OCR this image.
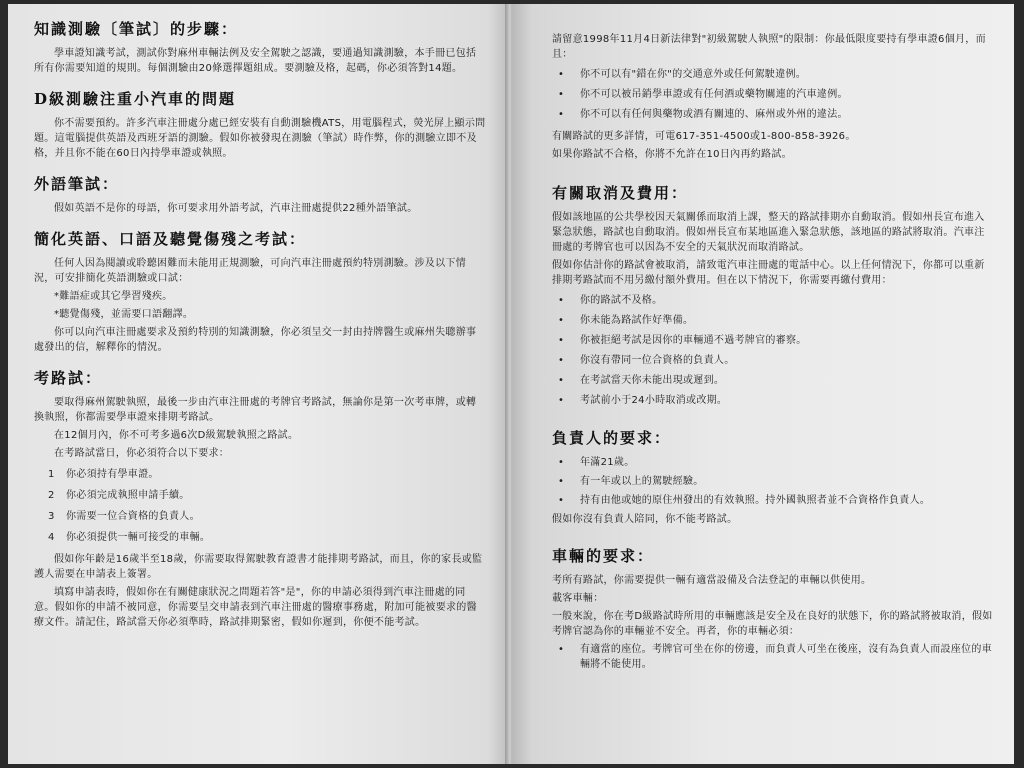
知識測驗〔筆試〕的步驟：

學車證知識考試，測試你對麻州車輛法例及安全駕駛之認識，要通過知識測驗，本手冊已包括所有你需要知道的規則。每個測驗由20條選擇題組成。要測驗及格，起碼，你必須答對14題。

D級測驗注重小汽車的問題

你不需要預約。許多汽車注冊處分處已經安裝有自動測驗機ATS，用電腦程式，熒光屏上顯示問題。這電腦提供英語及西班牙語的測驗。假如你被發現在測驗（筆試）時作弊，你的測驗立即不及格，并且你不能在60日內持學車證或執照。

外語筆試：

假如英語不是你的母語，你可要求用外語考試，汽車注冊處提供22種外語筆試。

簡化英語、口語及聽覺傷殘之考試：

任何人因為閱讀或聆聽困難而未能用正規測驗，可向汽車注冊處預約特別測驗。涉及以下情況，可安排簡化英語測驗或口試：

*難語症或其它學習殘疾。

*聽覺傷殘，並需要口語翻譯。

你可以向汽車注冊處要求及預約特別的知識測驗，你必須呈交一封由持牌醫生或麻州失聰辦事處發出的信，解釋你的情況。

考路試：

要取得麻州駕駛執照，最後一步由汽車注冊處的考牌官考路試，無論你是第一次考車牌，或轉換執照，你都需要學車證來排期考路試。

在12個月內，你不可考多過6次D級駕駛執照之路試。

在考路試當日，你必須符合以下要求：

1 你必須持有學車證。
2 你必須完成執照申請手續。
3 你需要一位合資格的負責人。
4 你必須提供一輛可接受的車輛。

假如你年齡是16歲半至18歲，你需要取得駕駛教育證書才能排期考路試，而且，你的家長或監護人需要在申請表上簽署。

填寫申請表時，假如你在有關健康狀況之問題若答"是"，你的申請必須得到汽車注冊處的同意。假如你的申請不被同意，你需要呈交申請表到汽車注冊處的醫療事務處，附加可能被要求的醫療文件。請記住，路試當天你必須準時，路試排期緊密，假如你遲到，你便不能考試。

請留意1998年11月4日新法律對"初級駕駛人執照"的限制：你最低限度要持有學車證6個月，而且：

• 你不可以有"錯在你"的交通意外或任何駕駛違例。
• 你不可以被吊銷學車證或有任何酒或藥物關連的汽車違例。
• 你不可以有任何與藥物或酒有關連的、麻州或外州的違法。

有關路試的更多詳情，可電617-351-4500或1-800-858-3926。

如果你路試不合格，你將不允許在10日內再約路試。

有關取消及費用：

假如該地區的公共學校因天氣關係而取消上課，整天的路試排期亦自動取消。假如州長宣布進入緊急狀態，路試也自動取消。假如州長宣布某地區進入緊急狀態，該地區的路試將取消。汽車注冊處的考牌官也可以因為不安全的天氣狀況而取消路試。

假如你估計你的路試會被取消，請致電汽車注冊處的電話中心。以上任何情況下，你都可以重新排期考路試而不用另繳付額外費用。但在以下情況下，你需要再繳付費用：

• 你的路試不及格。
• 你未能為路試作好準備。
• 你被拒絕考試是因你的車輛通不過考牌官的審察。
• 你沒有帶同一位合資格的負責人。
• 在考試當天你未能出現或遲到。
• 考試前小于24小時取消或改期。
負責人的要求：
• 年滿21歲。
• 有一年或以上的駕駛經驗。
• 持有由他或她的原住州發出的有效執照。持外國執照者並不合資格作負責人。

假如你沒有負責人陪同，你不能考路試。

車輛的要求：

考所有路試，你需要提供一輛有適當設備及合法登記的車輛以供使用。

載客車輛：

一般來說，你在考D級路試時所用的車輛應該是安全及在良好的狀態下，你的路試將被取消，假如考牌官認為你的車輛並不安全。再者，你的車輛必須：

• 有適當的座位。考牌官可坐在你的傍邊，而負責人可坐在後座，沒有為負責人而設座位的車輛將不能使用。
